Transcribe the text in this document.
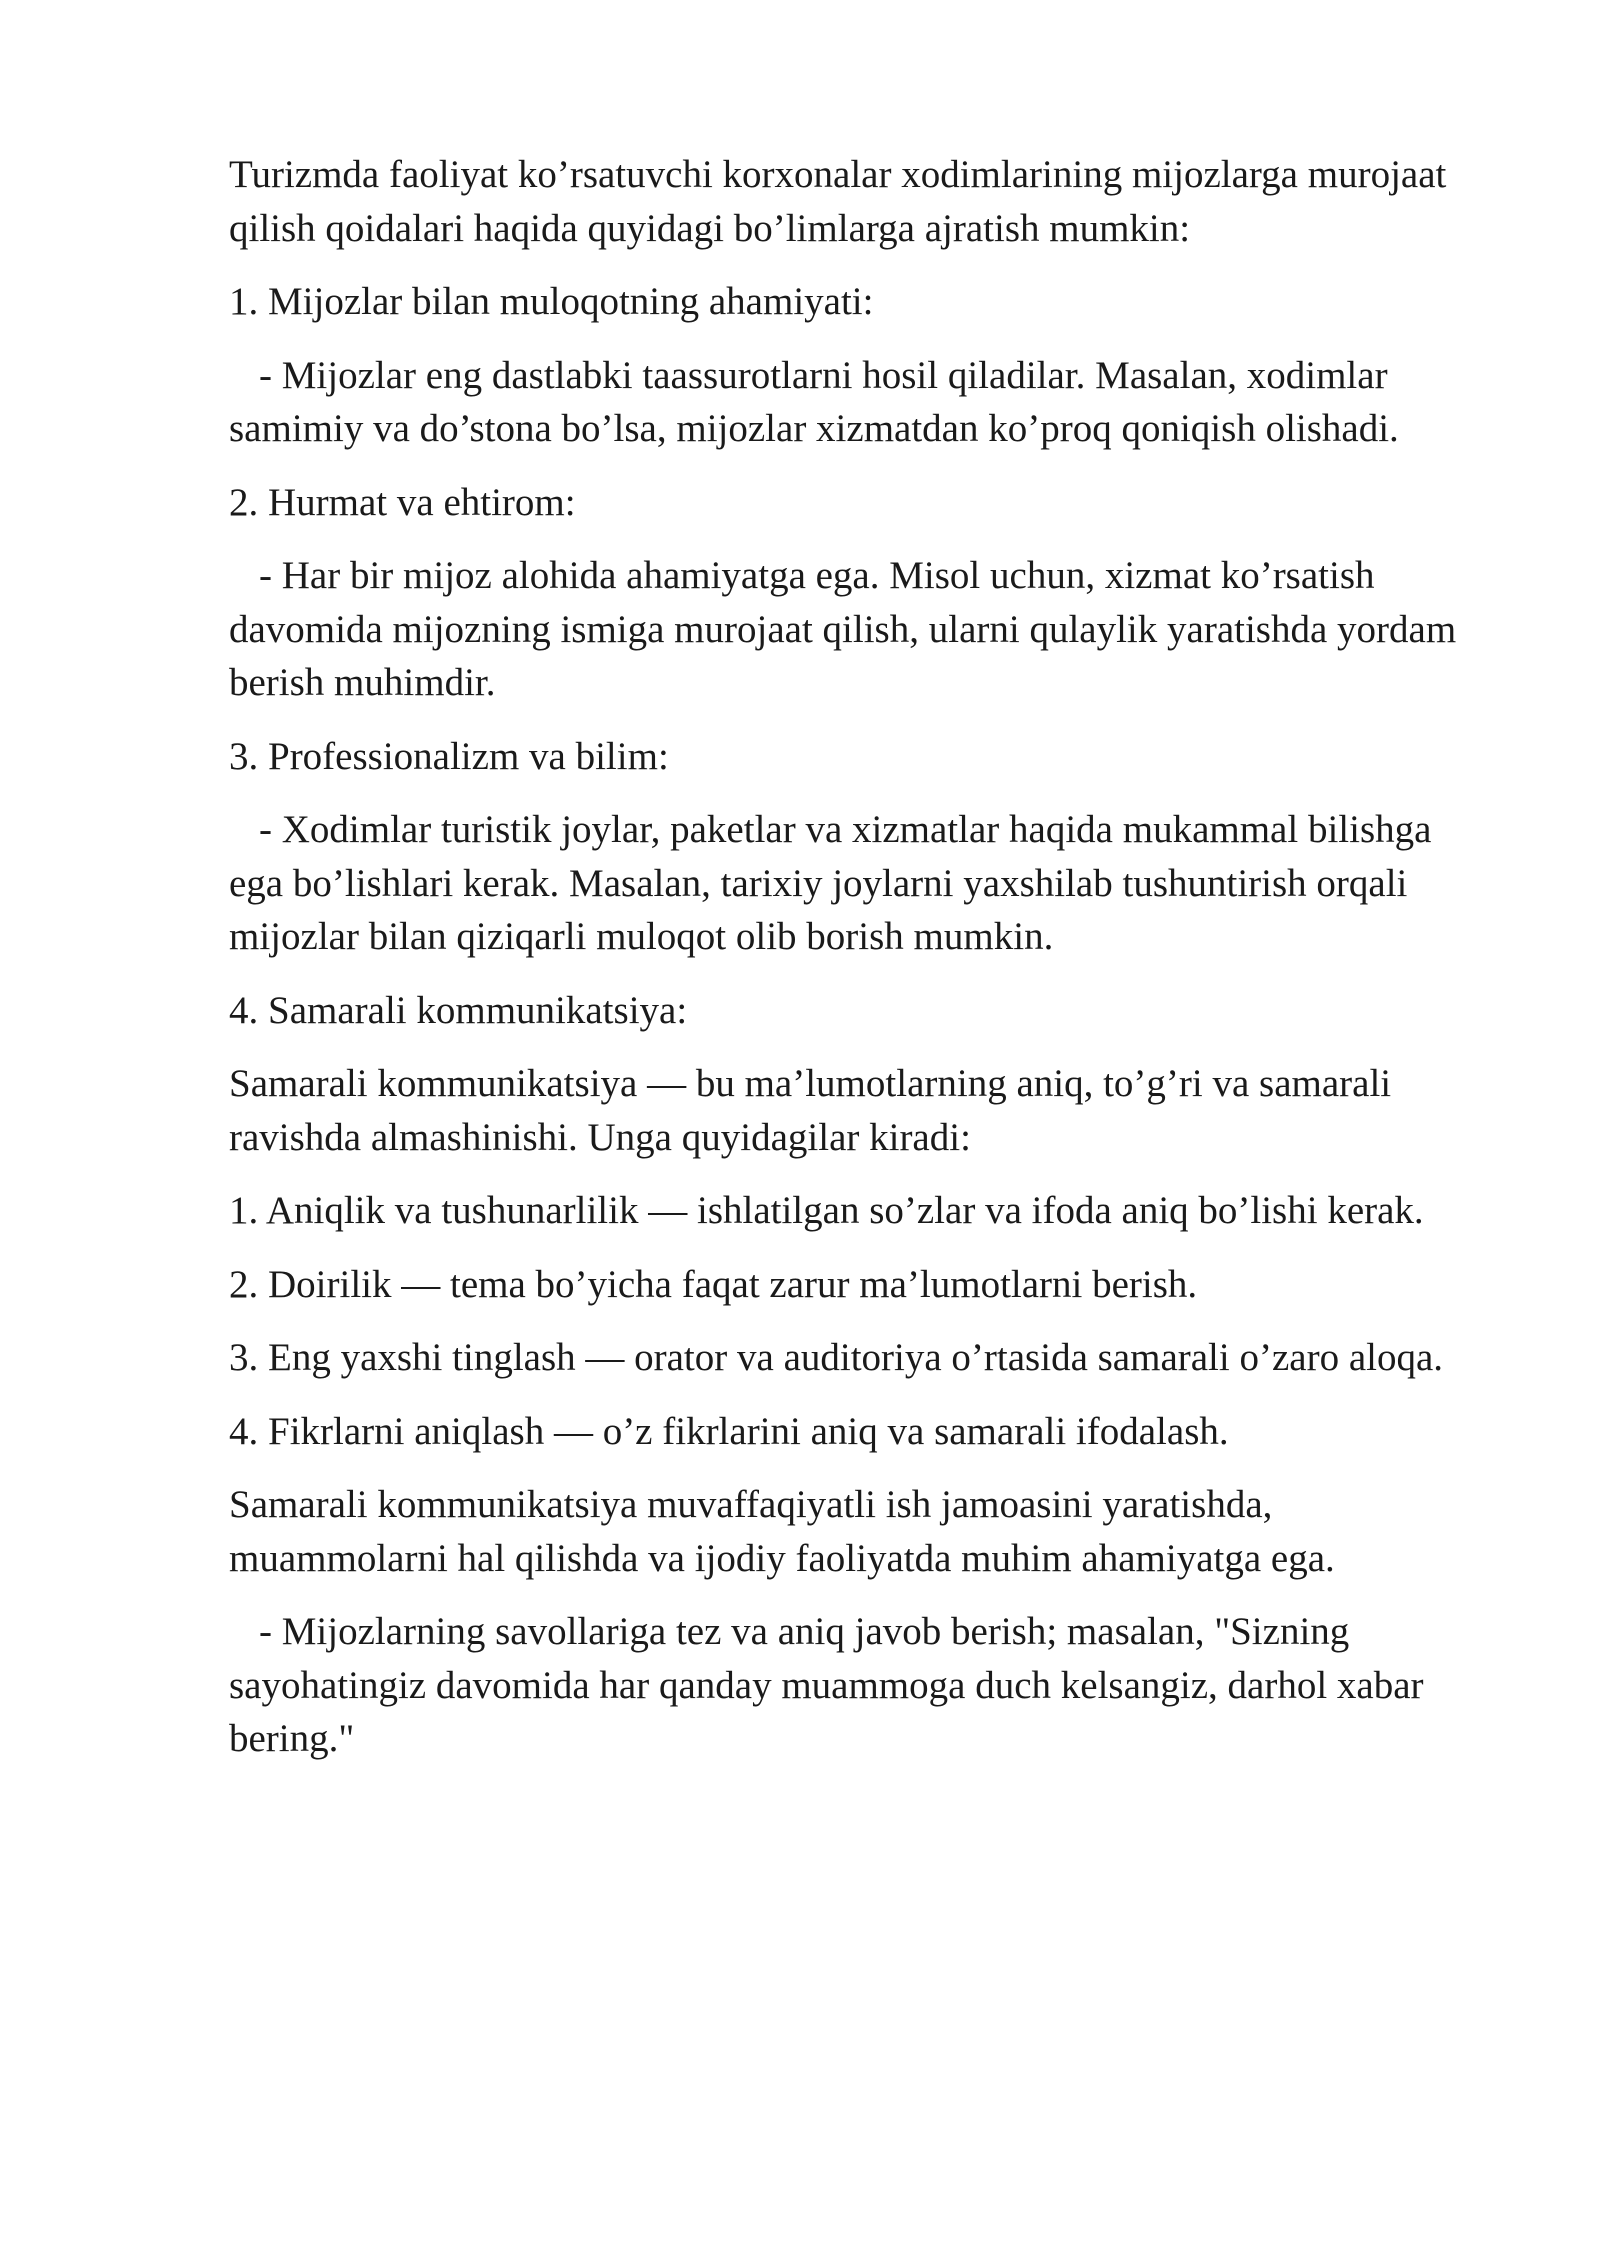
Turizmda faoliyat ko’rsatuvchi korxonalar xodimlarining mijozlarga murojaat qilish qoidalari haqida quyidagi bo’limlarga ajratish mumkin:

1. Mijozlar bilan muloqotning ahamiyati:

- Mijozlar eng dastlabki taassurotlarni hosil qiladilar. Masalan, xodimlar samimiy va do’stona bo’lsa, mijozlar xizmatdan ko’proq qoniqish olishadi.

2. Hurmat va ehtirom:

- Har bir mijoz alohida ahamiyatga ega. Misol uchun, xizmat ko’rsatish davomida mijozning ismiga murojaat qilish, ularni qulaylik yaratishda yordam berish muhimdir.

3. Professionalizm va bilim:

- Xodimlar turistik joylar, paketlar va xizmatlar haqida mukammal bilishga ega bo’lishlari kerak. Masalan, tarixiy joylarni yaxshilab tushuntirish orqali mijozlar bilan qiziqarli muloqot olib borish mumkin.

4. Samarali kommunikatsiya:

Samarali kommunikatsiya — bu ma’lumotlarning aniq, to’g’ri va samarali ravishda almashinishi. Unga quyidagilar kiradi:

1. Aniqlik va tushunarlilik — ishlatilgan so’zlar va ifoda aniq bo’lishi kerak.

2. Doirilik — tema bo’yicha faqat zarur ma’lumotlarni berish.

3. Eng yaxshi tinglash — orator va auditoriya o’rtasida samarali o’zaro aloqa.

4. Fikrlarni aniqlash — o’z fikrlarini aniq va samarali ifodalash.

Samarali kommunikatsiya muvaffaqiyatli ish jamoasini yaratishda, muammolarni hal qilishda va ijodiy faoliyatda muhim ahamiyatga ega.

- Mijozlarning savollariga tez va aniq javob berish; masalan, "Sizning sayohatingiz davomida har qanday muammoga duch kelsangiz, darhol xabar bering."
